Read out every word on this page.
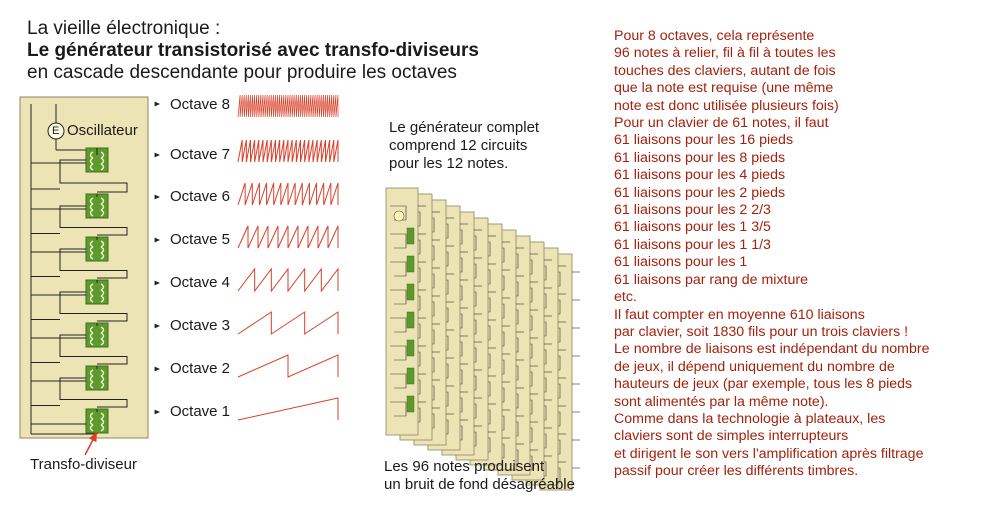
La vieille électronique :
Le générateur transistorisé avec transfo-diviseurs
en cascade descendante pour produire les octaves
Oscillateur
E
Octave 8
Octave 7
Octave 6
Octave 5
Octave 4
Octave 3
Octave 2
Octave 1
Transfo-diviseur
Le générateur complet
comprend 12 circuits
pour les 12 notes.
Les 96 notes produisent
un bruit de fond désagréable
Pour 8 octaves, cela représente
96 notes à relier, fil à fil à toutes les
touches des claviers, autant de fois
que la note est requise (une même
note est donc utilisée plusieurs fois)
Pour un clavier de 61 notes, il faut
61 liaisons pour les 16 pieds
61 liaisons pour les 8 pieds
61 liaisons pour les 4 pieds
61 liaisons pour les 2 pieds
61 liaisons pour les 2 2/3
61 liaisons pour les 1 3/5
61 liaisons pour les 1 1/3
61 liaisons pour les 1
61 liaisons par rang de mixture
etc.
Il faut compter en moyenne 610 liaisons
par clavier, soit 1830 fils pour un trois claviers !
Le nombre de liaisons est indépendant du nombre
de jeux, il dépend uniquement du nombre de
hauteurs de jeux (par exemple, tous les 8 pieds
sont alimentés par la même note).
Comme dans la technologie à plateaux, les
claviers sont de simples interrupteurs
et dirigent le son vers l'amplification après filtrage
passif pour créer les différents timbres.
